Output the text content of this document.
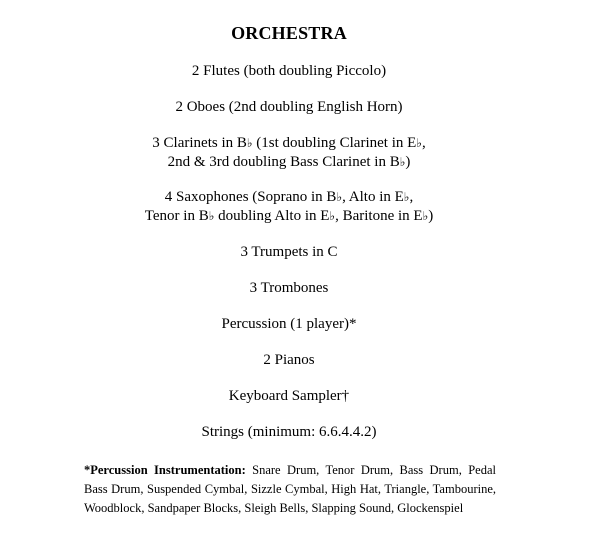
ORCHESTRA
2 Flutes (both doubling Piccolo)
2 Oboes (2nd doubling English Horn)
3 Clarinets in B♭ (1st doubling Clarinet in E♭,
2nd & 3rd doubling Bass Clarinet in B♭)
4 Saxophones (Soprano in B♭, Alto in E♭,
Tenor in B♭ doubling Alto in E♭, Baritone in E♭)
3 Trumpets in C
3 Trombones
Percussion (1 player)*
2 Pianos
Keyboard Sampler†
Strings (minimum: 6.6.4.4.2)
*Percussion Instrumentation: Snare Drum, Tenor Drum, Bass Drum, Pedal Bass Drum, Suspended Cymbal, Sizzle Cymbal, High Hat, Triangle, Tambourine, Woodblock, Sandpaper Blocks, Sleigh Bells, Slapping Sound, Glockenspiel
